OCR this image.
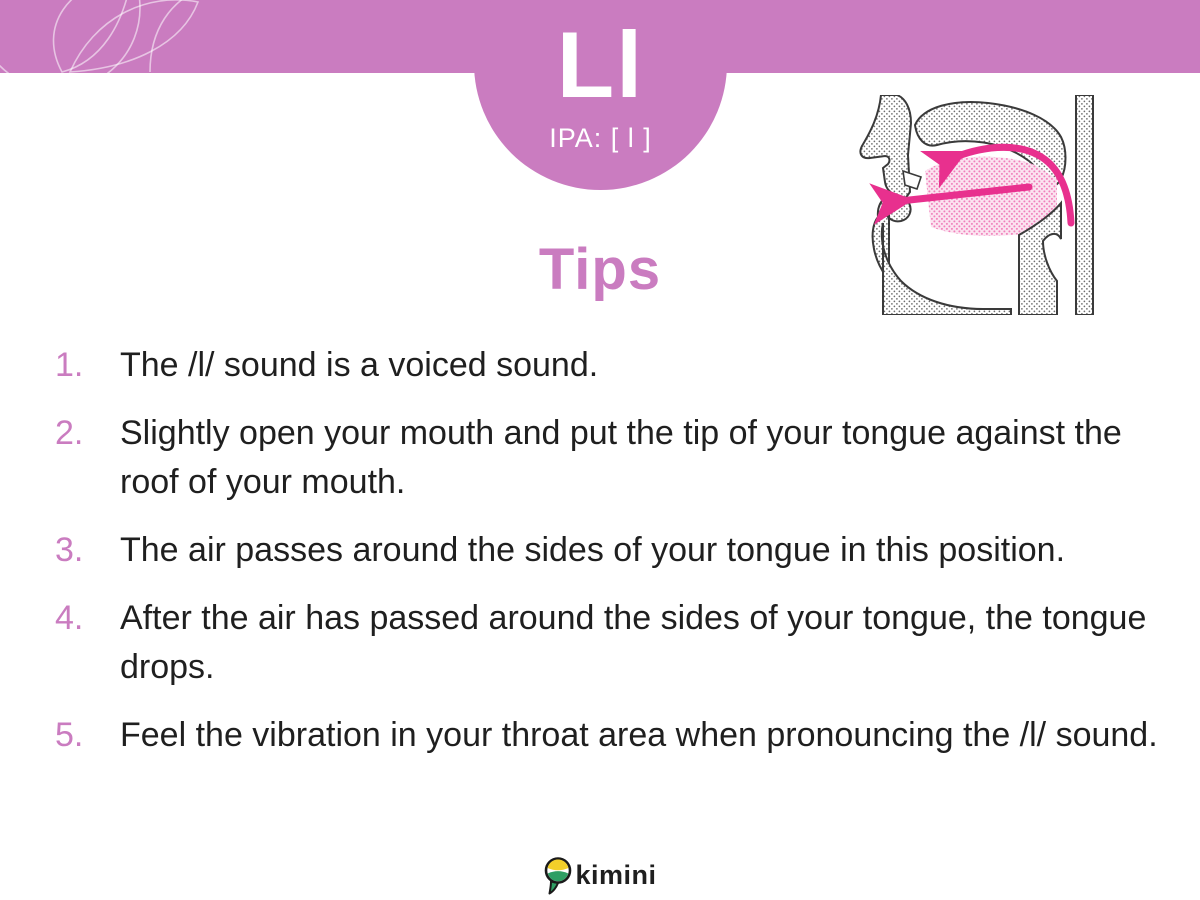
Ll
IPA: [ l ]
Tips
1.	The /l/ sound is a voiced sound.
2.	Slightly open your mouth and put the tip of your tongue against the roof of your mouth.
3.	The air passes around the sides of your tongue in this position.
4.	After the air has passed around the sides of your tongue, the tongue drops.
5.	Feel the vibration in your throat area when pronouncing the /l/ sound.
kimini
